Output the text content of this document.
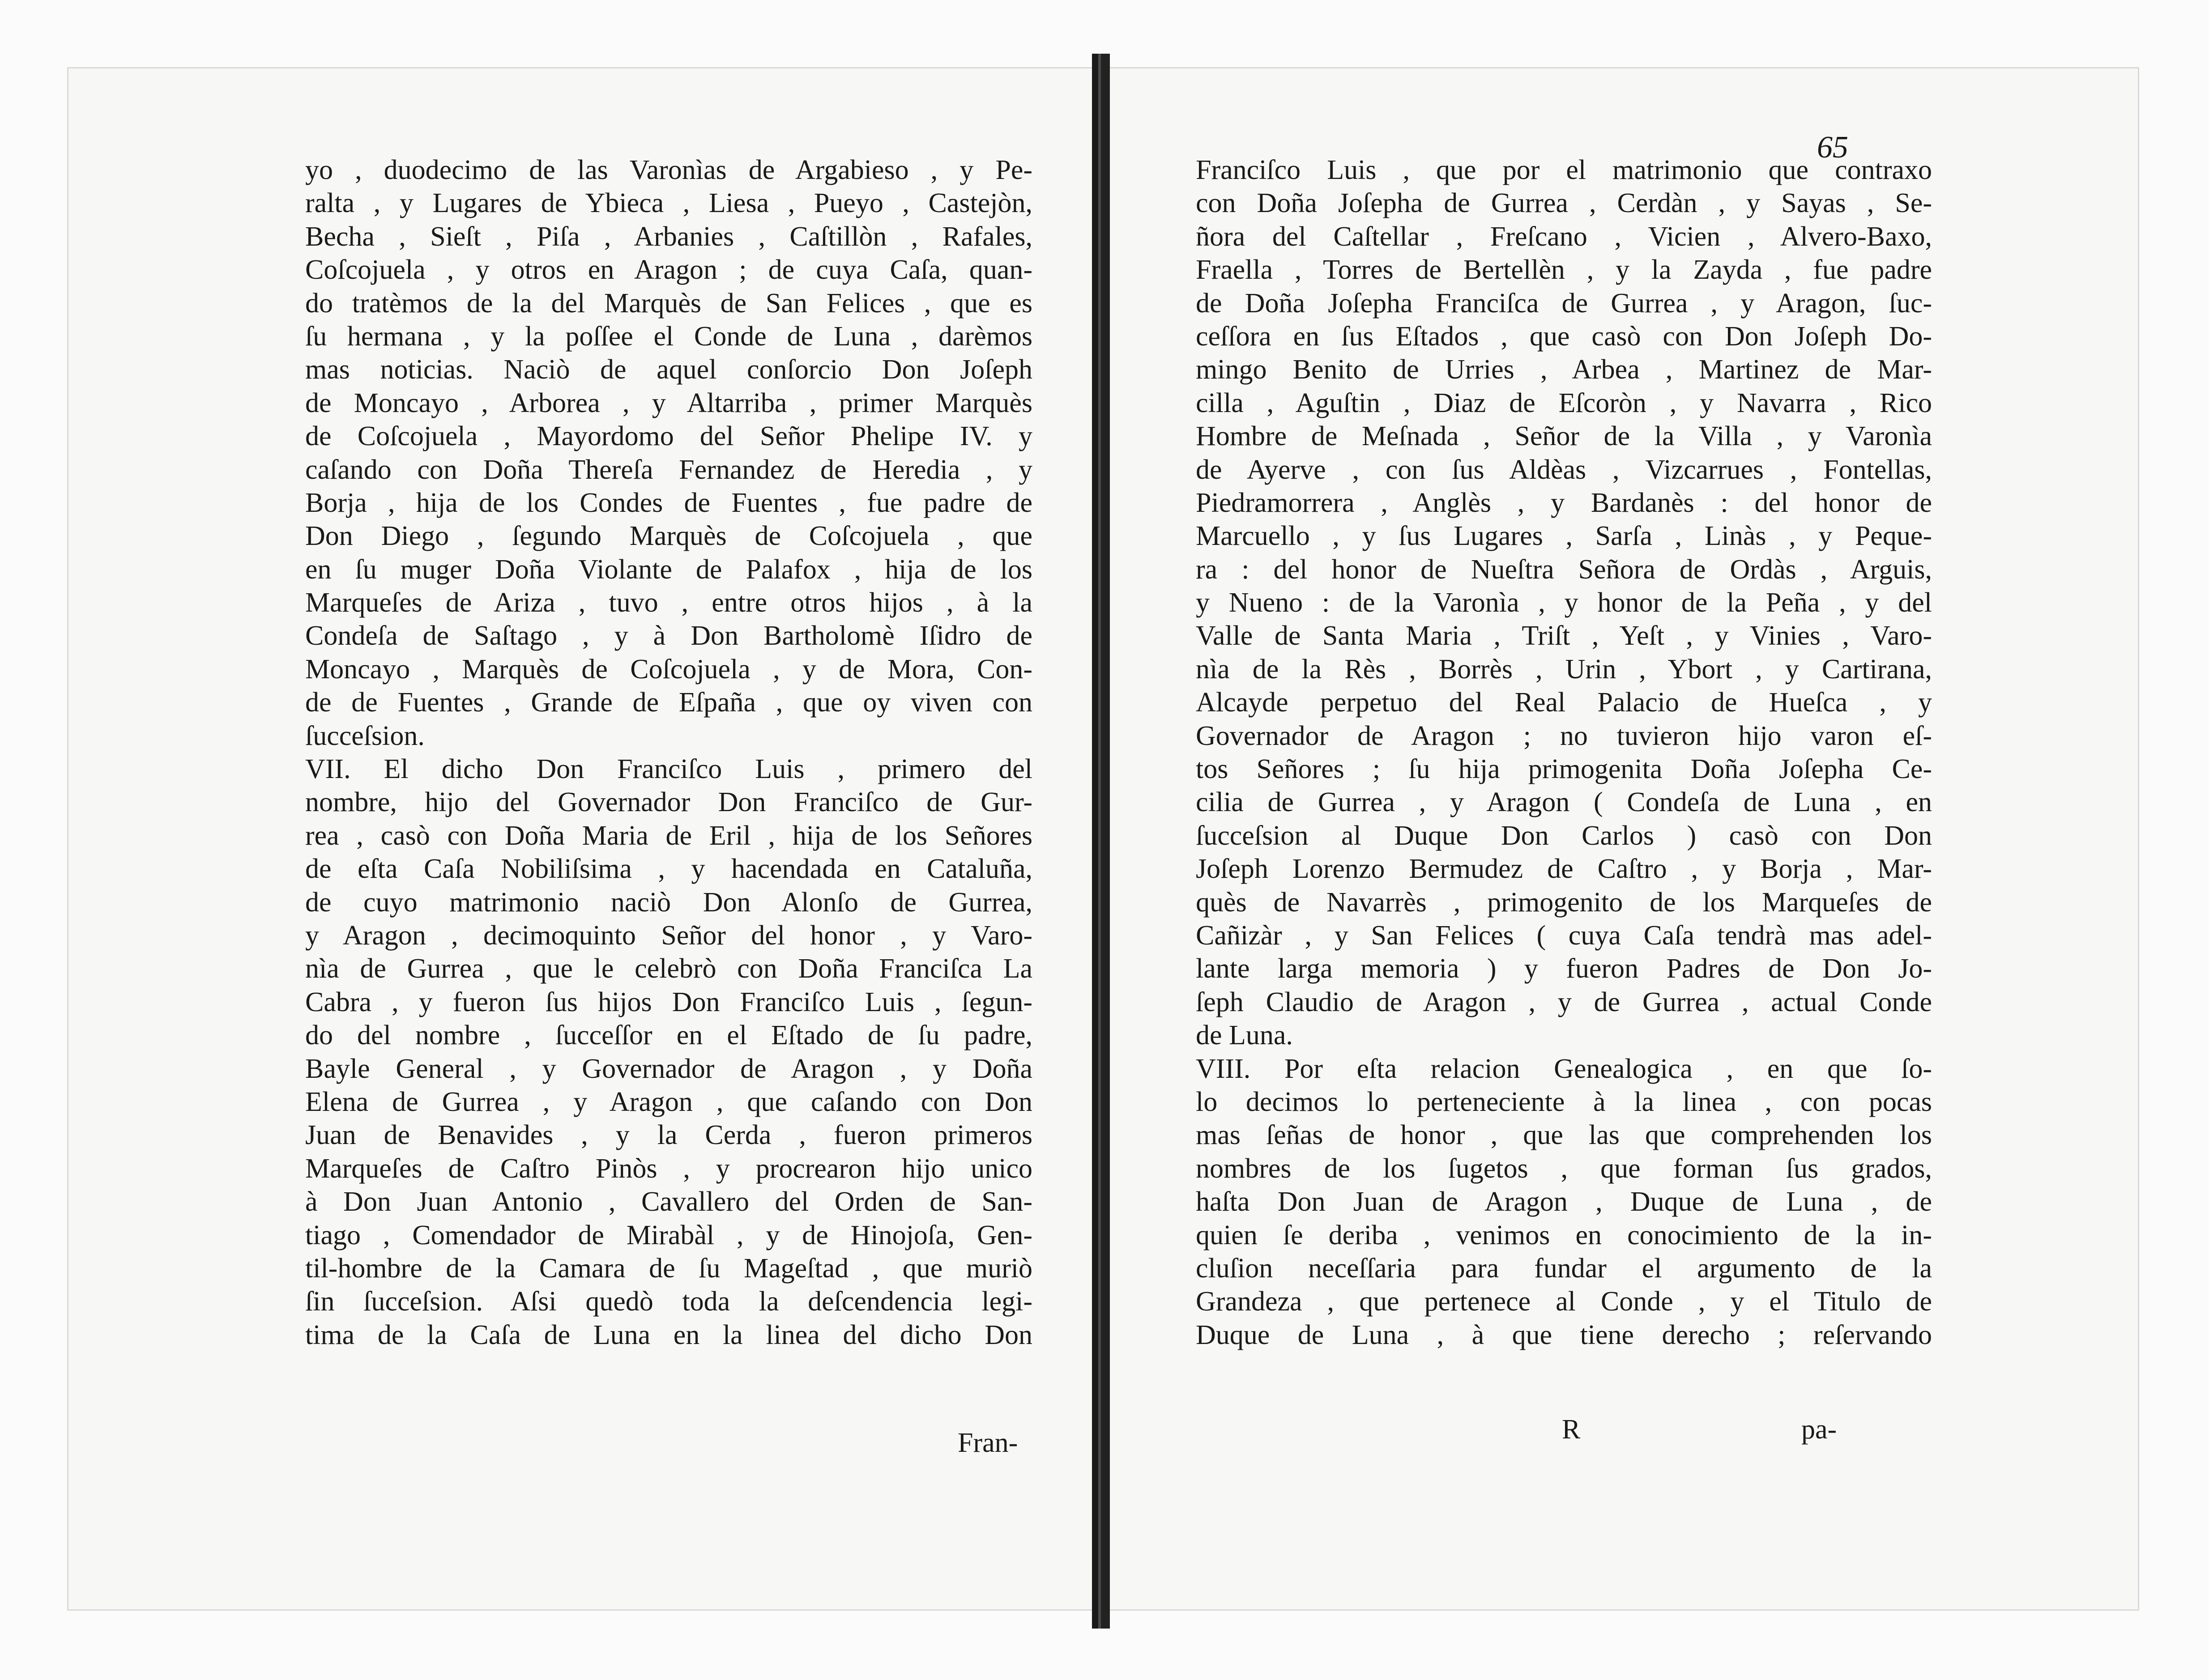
65
yo , duodecimo de las Varonìas de Argabieso , y Pe-
ralta , y Lugares de Ybieca , Liesa , Pueyo , Castejòn,
Becha , Sieſt , Piſa , Arbanies , Caſtillòn , Rafales,
Coſcojuela , y otros en Aragon ; de cuya Caſa, quan-
do tratèmos de la del Marquès de San Felices , que es
ſu hermana , y la poſſee el Conde de Luna , darèmos
mas noticias. Naciò de aquel conſorcio Don Joſeph
de Moncayo , Arborea , y Altarriba , primer Marquès
de Coſcojuela , Mayordomo del Señor Phelipe IV. y
caſando con Doña Thereſa Fernandez de Heredia , y
Borja , hija de los Condes de Fuentes , fue padre de
Don Diego , ſegundo Marquès de Coſcojuela , que
en ſu muger Doña Violante de Palafox , hija de los
Marqueſes de Ariza , tuvo , entre otros hijos , à la
Condeſa de Saſtago , y à Don Bartholomè Iſidro de
Moncayo , Marquès de Coſcojuela , y de Mora, Con-
de de Fuentes , Grande de Eſpaña , que oy viven con
ſucceſsion.
VII. El dicho Don Franciſco Luis , primero del
nombre, hijo del Governador Don Franciſco de Gur-
rea , casò con Doña Maria de Eril , hija de los Señores
de eſta Caſa Nobiliſsima , y hacendada en Cataluña,
de cuyo matrimonio naciò Don Alonſo de Gurrea,
y Aragon , decimoquinto Señor del honor , y Varo-
nìa de Gurrea , que le celebrò con Doña Franciſca La
Cabra , y fueron ſus hijos Don Franciſco Luis , ſegun-
do del nombre , ſucceſſor en el Eſtado de ſu padre,
Bayle General , y Governador de Aragon , y Doña
Elena de Gurrea , y Aragon , que caſando con Don
Juan de Benavides , y la Cerda , fueron primeros
Marqueſes de Caſtro Pinòs , y procrearon hijo unico
à Don Juan Antonio , Cavallero del Orden de San-
tiago , Comendador de Mirabàl , y de Hinojoſa, Gen-
til-hombre de la Camara de ſu Mageſtad , que muriò
ſin ſucceſsion. Aſsi quedò toda la deſcendencia legi-
tima de la Caſa de Luna en la linea del dicho Don
Fran-
Franciſco Luis , que por el matrimonio que contraxo
con Doña Joſepha de Gurrea , Cerdàn , y Sayas , Se-
ñora del Caſtellar , Freſcano , Vicien , Alvero-Baxo,
Fraella , Torres de Bertellèn , y la Zayda , fue padre
de Doña Joſepha Franciſca de Gurrea , y Aragon, ſuc-
ceſſora en ſus Eſtados , que casò con Don Joſeph Do-
mingo Benito de Urries , Arbea , Martinez de Mar-
cilla , Aguſtin , Diaz de Eſcoròn , y Navarra , Rico
Hombre de Meſnada , Señor de la Villa , y Varonìa
de Ayerve , con ſus Aldèas , Vizcarrues , Fontellas,
Piedramorrera , Anglès , y Bardanès : del honor de
Marcuello , y ſus Lugares , Sarſa , Linàs , y Peque-
ra : del honor de Nueſtra Señora de Ordàs , Arguis,
y Nueno : de la Varonìa , y honor de la Peña , y del
Valle de Santa Maria , Triſt , Yeſt , y Vinies , Varo-
nìa de la Rès , Borrès , Urin , Ybort , y Cartirana,
Alcayde perpetuo del Real Palacio de Hueſca , y
Governador de Aragon ; no tuvieron hijo varon eſ-
tos Señores ; ſu hija primogenita Doña Joſepha Ce-
cilia de Gurrea , y Aragon ( Condeſa de Luna , en
ſucceſsion al Duque Don Carlos ) casò con Don
Joſeph Lorenzo Bermudez de Caſtro , y Borja , Mar-
quès de Navarrès , primogenito de los Marqueſes de
Cañizàr , y San Felices ( cuya Caſa tendrà mas adel-
lante larga memoria ) y fueron Padres de Don Jo-
ſeph Claudio de Aragon , y de Gurrea , actual Conde
de Luna.
VIII. Por eſta relacion Genealogica , en que ſo-
lo decimos lo perteneciente à la linea , con pocas
mas ſeñas de honor , que las que comprehenden los
nombres de los ſugetos , que forman ſus grados,
haſta Don Juan de Aragon , Duque de Luna , de
quien ſe deriba , venimos en conocimiento de la in-
cluſion neceſſaria para fundar el argumento de la
Grandeza , que pertenece al Conde , y el Titulo de
Duque de Luna , à que tiene derecho ; reſervando
R	pa-
